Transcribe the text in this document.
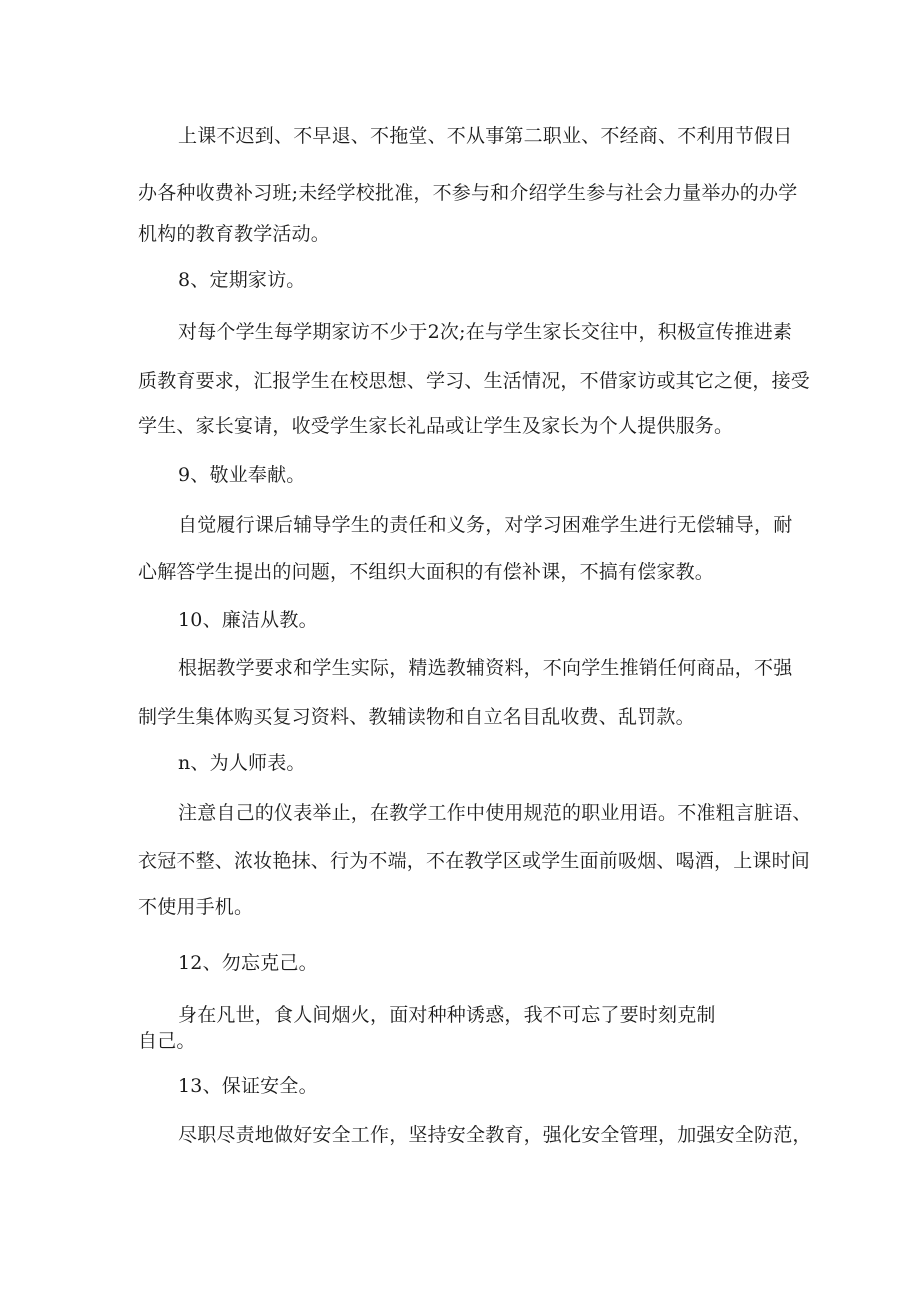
上课不迟到、不早退、不拖堂、不从事第二职业、不经商、不利用节假日
办各种收费补习班;未经学校批准，不参与和介绍学生参与社会力量举办的办学
机构的教育教学活动。
8、定期家访。
对每个学生每学期家访不少于2次;在与学生家长交往中，积极宣传推进素
质教育要求，汇报学生在校思想、学习、生活情况，不借家访或其它之便，接受
学生、家长宴请，收受学生家长礼品或让学生及家长为个人提供服务。
9、敬业奉献。
自觉履行课后辅导学生的责任和义务，对学习困难学生进行无偿辅导，耐
心解答学生提出的问题，不组织大面积的有偿补课，不搞有偿家教。
10、廉洁从教。
根据教学要求和学生实际，精选教辅资料，不向学生推销任何商品，不强
制学生集体购买复习资料、教辅读物和自立名目乱收费、乱罚款。
n、为人师表。
注意自己的仪表举止，在教学工作中使用规范的职业用语。不准粗言脏语、
衣冠不整、浓妆艳抹、行为不端，不在教学区或学生面前吸烟、喝酒，上课时间
不使用手机。
12、勿忘克己。
身在凡世，食人间烟火，面对种种诱惑，我不可忘了要时刻克制
自己。
13、保证安全。
尽职尽责地做好安全工作，坚持安全教育，强化安全管理，加强安全防范，
